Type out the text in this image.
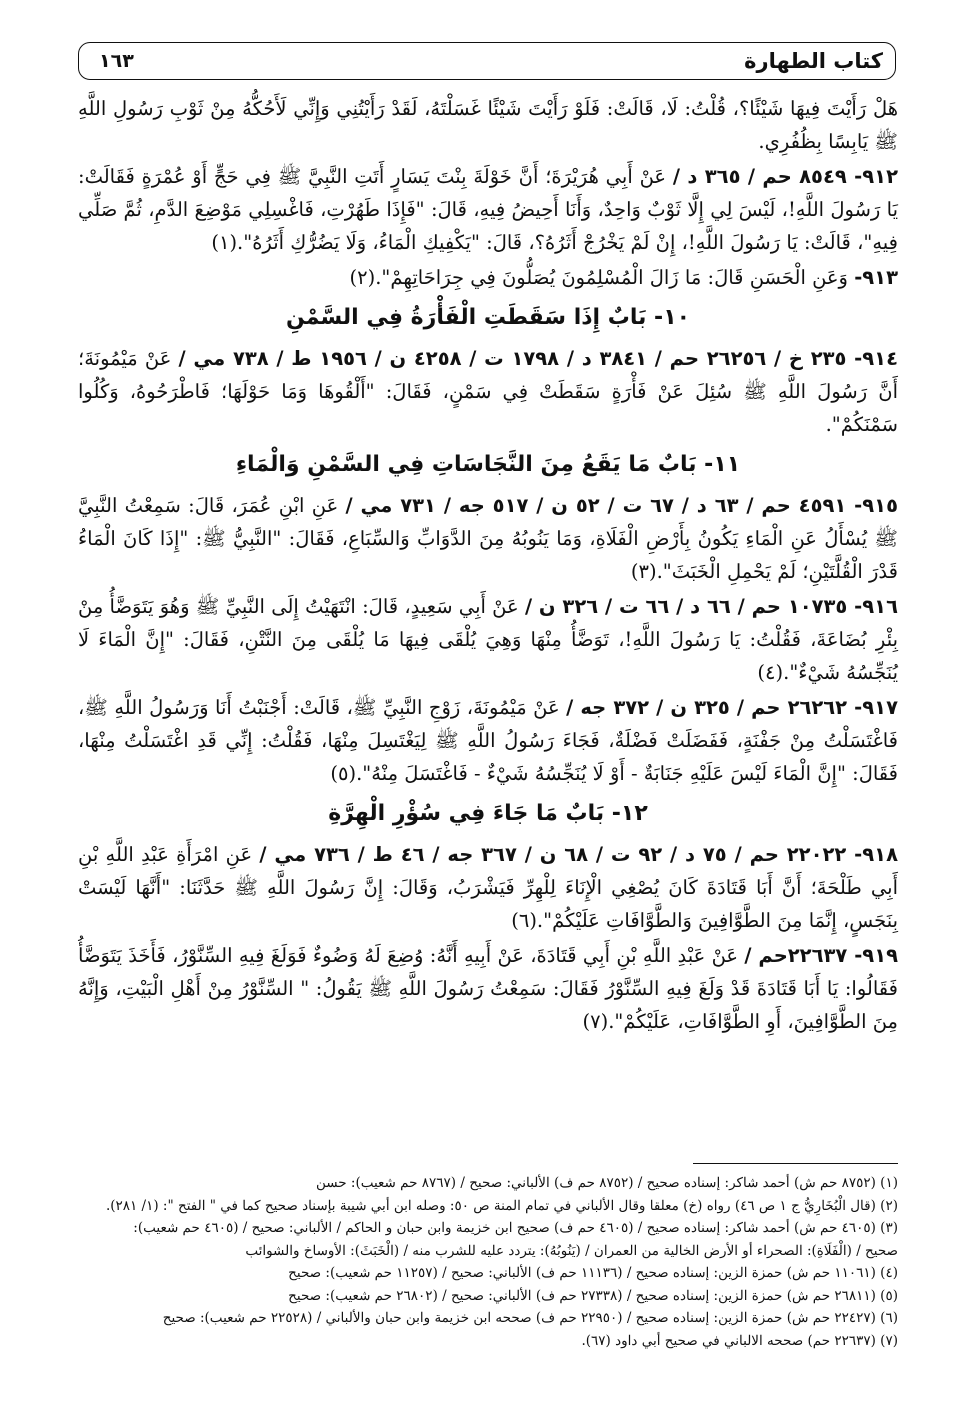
كتاب الطهارة
١٦٣

هَلْ رَأَيْتَ فِيهَا شَيْئًا؟، قُلْتُ: لَا، قَالَتْ: فَلَوْ رَأَيْتَ شَيْئًا غَسَلْتَهُ، لَقَدْ رَأَيْتُنِي وَإِنِّي لَأَحُكُّهُ مِنْ ثَوْبِ رَسُولِ اللَّهِ ﷺ يَابِسًا بِظُفُرِي.

٩١٢- ٨٥٤٩ حم / ٣٦٥ د / عَنْ أَبِي هُرَيْرَةَ؛ أَنَّ خَوْلَةَ بِنْتَ يَسَارٍ أَتَتِ النَّبِيَّ ﷺ فِي حَجٍّ أَوْ عُمْرَةٍ فَقَالَتْ: يَا رَسُولَ اللَّهِ!، لَيْسَ لِي إِلَّا ثَوْبٌ وَاحِدٌ، وَأَنَا أَحِيضُ فِيهِ، قَالَ: "فَإِذَا طَهُرْتِ، فَاغْسِلِي مَوْضِعَ الدَّمِ، ثُمَّ صَلِّي فِيهِ"، قَالَتْ: يَا رَسُولَ اللَّهِ!، إِنْ لَمْ يَخْرُجْ أَثَرُهُ؟، قَالَ: "يَكْفِيكِ الْمَاءُ، وَلَا يَضُرُّكِ أَثَرُهُ".(١)

٩١٣- وَعَنِ الْحَسَنِ قَالَ: مَا زَالَ الْمُسْلِمُونَ يُصَلُّونَ فِي جِرَاحَاتِهِمْ".(٢)

١٠- بَابٌ إِذَا سَقَطَتِ الْفَأْرَةُ فِي السَّمْنِ

٩١٤- ٢٣٥ خ / ٢٦٢٥٦ حم / ٣٨٤١ د / ١٧٩٨ ت / ٤٢٥٨ ن / ١٩٥٦ ط / ٧٣٨ مي / عَنْ مَيْمُونَةَ؛ أَنَّ رَسُولَ اللَّهِ ﷺ سُئِلَ عَنْ فَأْرَةٍ سَقَطَتْ فِي سَمْنٍ، فَقَالَ: "أَلْقُوهَا وَمَا حَوْلَهَا؛ فَاطْرَحُوهُ، وَكُلُوا سَمْنَكُمْ".

١١- بَابٌ مَا يَقَعُ مِنَ النَّجَاسَاتِ فِي السَّمْنِ وَالْمَاءِ

٩١٥- ٤٥٩١ حم / ٦٣ د / ٦٧ ت / ٥٢ ن / ٥١٧ جه / ٧٣١ مي / عَنِ ابْنِ عُمَرَ، قَالَ: سَمِعْتُ النَّبِيَّ ﷺ يُسْأَلُ عَنِ الْمَاءِ يَكُونُ بِأَرْضِ الْفَلَاةِ، وَمَا يَنُوبُهُ مِنَ الدَّوَابِّ وَالسِّبَاعِ، فَقَالَ: "النَّبِيُّ ﷺ: "إِذَا كَانَ الْمَاءُ قَدْرَ الْقُلَّتَيْنِ؛ لَمْ يَحْمِلِ الْخَبَثَ".(٣)

٩١٦- ١٠٧٣٥ حم / ٦٦ د / ٦٦ ت / ٣٢٦ ن / عَنْ أَبِي سَعِيدٍ، قَالَ: انْتَهَيْتُ إِلَى النَّبِيِّ ﷺ وَهُوَ يَتَوَضَّأُ مِنْ بِئْرِ بُضَاعَةَ، فَقُلْتُ: يَا رَسُولَ اللَّهِ!، تَوَضَّأُ مِنْهَا وَهِيَ يُلْقَى فِيهَا مَا يُلْقَى مِنَ النَّتْنِ، فَقَالَ: "إِنَّ الْمَاءَ لَا يُنَجِّسُهُ شَيْءٌ".(٤)

٩١٧- ٢٦٢٦٢ حم / ٣٢٥ ن / ٣٧٢ جه / عَنْ مَيْمُونَةَ، زَوْجِ النَّبِيِّ ﷺ، قَالَتْ: أَجْنَبْتُ أَنَا وَرَسُولُ اللَّهِ ﷺ، فَاغْتَسَلْتُ مِنْ جَفْنَةٍ، فَفَضَلَتْ فَضْلَةٌ، فَجَاءَ رَسُولُ اللَّهِ ﷺ لِيَغْتَسِلَ مِنْهَا، فَقُلْتُ: إِنِّي قَدِ اغْتَسَلْتُ مِنْهَا، فَقَالَ: "إِنَّ الْمَاءَ لَيْسَ عَلَيْهِ جَنَابَةٌ - أَوْ لَا يُنَجِّسُهُ شَيْءٌ - فَاغْتَسَلَ مِنْهُ".(٥)

١٢- بَابٌ مَا جَاءَ فِي سُؤْرِ الْهِرَّةِ

٩١٨- ٢٢٠٢٢ حم / ٧٥ د / ٩٢ ت / ٦٨ ن / ٣٦٧ جه / ٤٦ ط / ٧٣٦ مي / عَنِ امْرَأَةِ عَبْدِ اللَّهِ بْنِ أَبِي طَلْحَةَ؛ أَنَّ أَبَا قَتَادَةَ كَانَ يُصْغِي الْإِنَاءَ لِلْهِرِّ فَيَشْرَبُ، وَقَالَ: إِنَّ رَسُولَ اللَّهِ ﷺ حَدَّثَنَا: "أَنَّهَا لَيْسَتْ بِنَجَسٍ، إِنَّمَا مِنَ الطَّوَّافِينَ وَالطَّوَّافَاتِ عَلَيْكُمْ".(٦)

٩١٩- ٢٢٦٣٧حم / عَنْ عَبْدِ اللَّهِ بْنِ أَبِي قَتَادَةَ، عَنْ أَبِيهِ أَنَّهُ: وُضِعَ لَهُ وَضُوءٌ فَوَلَغَ فِيهِ السِّنَّوْرُ، فَأَخَذَ يَتَوَضَّأُ فَقَالُوا: يَا أَبَا قَتَادَةَ قَدْ وَلَغَ فِيهِ السِّنَّوْرُ فَقَالَ: سَمِعْتُ رَسُولَ اللَّهِ ﷺ يَقُولُ: " السِّنَّوْرُ مِنْ أَهْلِ الْبَيْتِ، وَإِنَّهُ مِنَ الطَّوَّافِينَ، أَوِ الطَّوَّافَاتِ، عَلَيْكُمْ".(٧)

(١) (٨٧٥٢ حم ش) أحمد شاكر: إسناده صحيح / (٨٧٥٢ حم ف) الألباني: صحيح / (٨٧٦٧ حم شعيب): حسن

(٢) (قال الْبُخَارِيُّ ج ١ ص ٤٦) رواه (خ) معلقا وقال الألباني في تمام المنة ص ٥٠: وصله ابن أبي شيبة بإسناد صحيح كما في " الفتح ": (١/ ٢٨١).

(٣) (٤٦٠٥ حم ش) أحمد شاكر: إسناده صحيح / (٤٦٠٥ حم ف) صحيح ابن خزيمة وابن حبان و الحاكم / الألباني: صحيح / (٤٦٠٥ حم شعيب):

صحيح / (الْفَلَاةِ): الصحراء أو الأرض الخالية من العمران / (يَنُوبُهُ): يتردد عليه للشرب منه / (الْخَبَثَ): الأوساخ والشوائب

(٤) (١١٠٦١ حم ش) حمزة الزين: إسناده صحيح / (١١١٣٦ حم ف) الألباني: صحيح / (١١٢٥٧ حم شعيب): صحيح

(٥) (٢٦٨١١ حم ش) حمزة الزين: إسناده صحيح / (٢٧٣٣٨ حم ف) الألباني: صحيح / (٢٦٨٠٢ حم شعيب): صحيح

(٦) (٢٢٤٢٧ حم ش) حمزة الزين: إسناده صحيح / (٢٢٩٥٠ حم ف) صححه ابن خزيمة وابن حبان والألباني / (٢٢٥٢٨ حم شعيب): صحيح

(٧) (٢٢٦٣٧ حم) صححه الالباني في صحيح أبي داود (٦٧).
